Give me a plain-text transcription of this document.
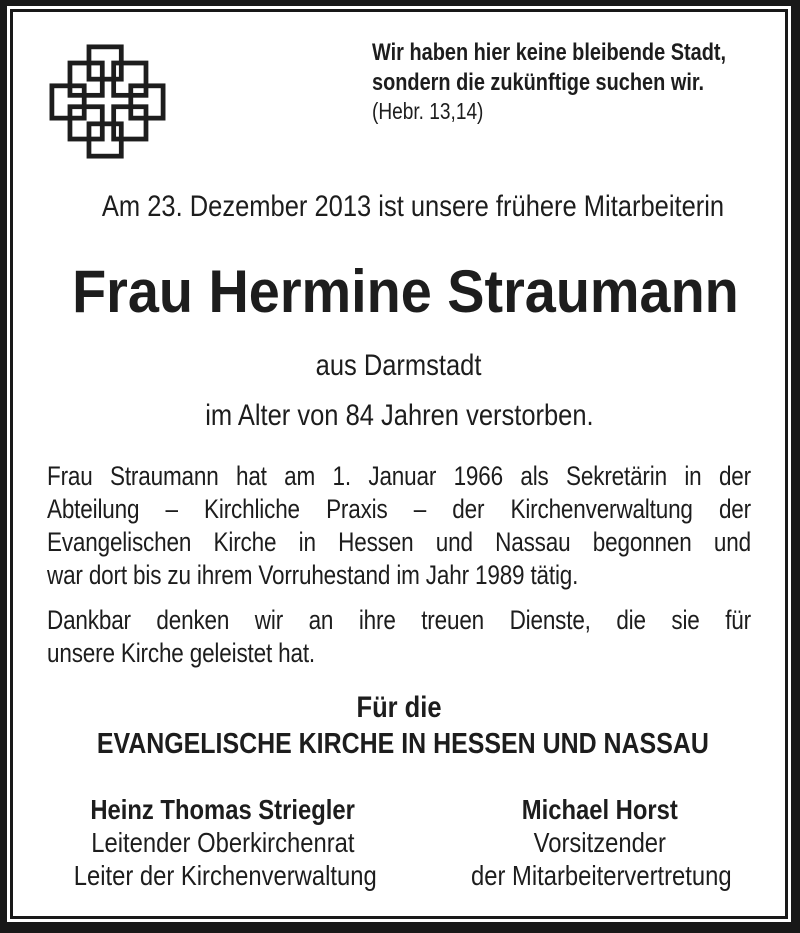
Wir haben hier keine bleibende Stadt,
sondern die zukünftige suchen wir.
(Hebr. 13,14)
Am 23. Dezember 2013 ist unsere frühere Mitarbeiterin
Frau Hermine Straumann
aus Darmstadt
im Alter von 84 Jahren verstorben.
Frau Straumann hat am 1. Januar 1966 als Sekretärin in der
Abteilung – Kirchliche Praxis – der Kirchenverwaltung der
Evangelischen Kirche in Hessen und Nassau begonnen und
war dort bis zu ihrem Vorruhestand im Jahr 1989 tätig.
Dankbar denken wir an ihre treuen Dienste, die sie für
unsere Kirche geleistet hat.
Für die
EVANGELISCHE KIRCHE IN HESSEN UND NASSAU
Heinz Thomas Striegler
Leitender Oberkirchenrat
Leiter der Kirchenverwaltung
Michael Horst
Vorsitzender
der Mitarbeitervertretung
